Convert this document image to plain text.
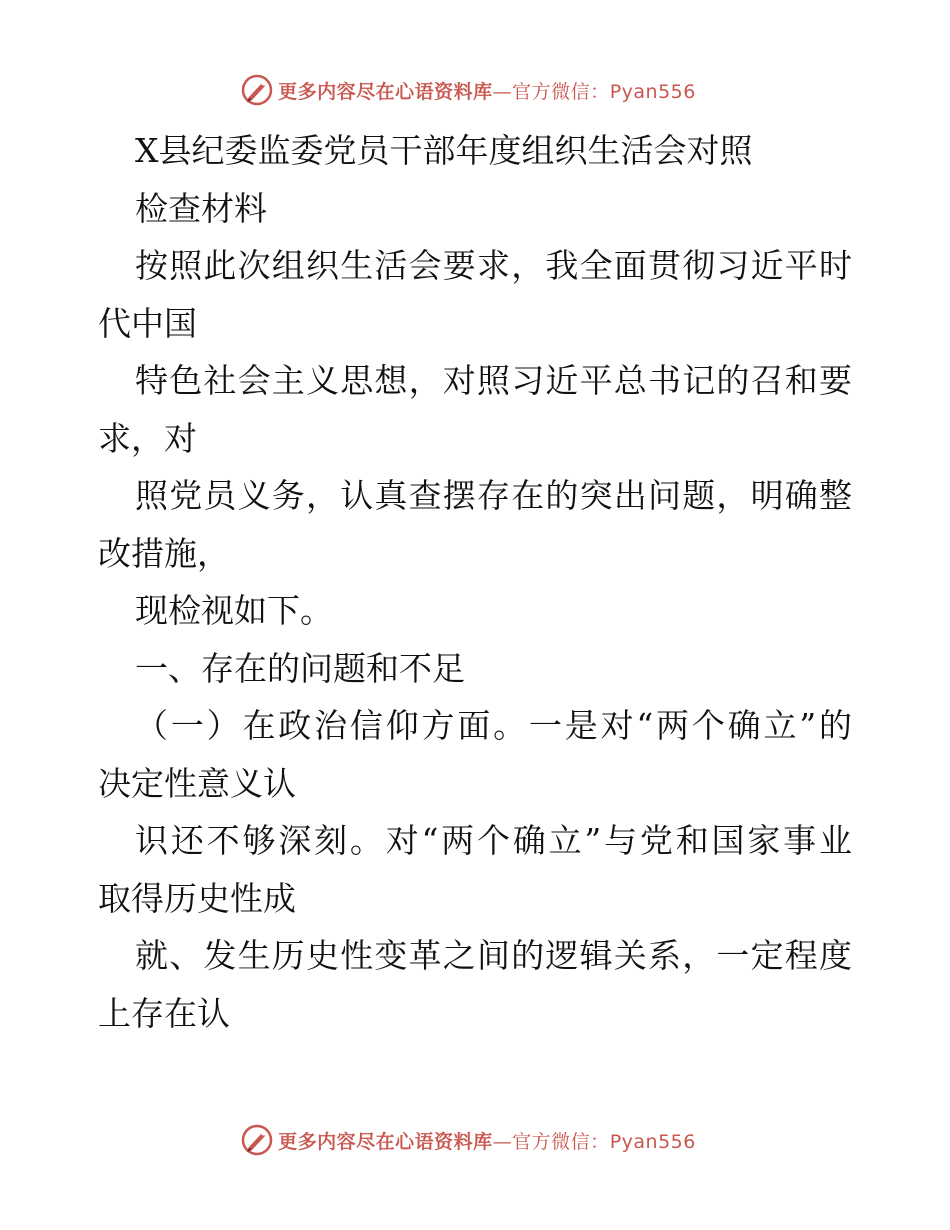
更多内容尽在心语资料库—官方微信：Pyan556
X县纪委监委党员干部年度组织生活会对照
检查材料
按照此次组织生活会要求，我全面贯彻习近平时
代中国
特色社会主义思想，对照习近平总书记的召和要
求，对
照党员义务，认真查摆存在的突出问题，明确整
改措施，
现检视如下。
一、存在的问题和不足
（一）在政治信仰方面。一是对“两个确立”的
决定性意义认
识还不够深刻。对“两个确立”与党和国家事业
取得历史性成
就、发生历史性变革之间的逻辑关系，一定程度
上存在认
更多内容尽在心语资料库—官方微信：Pyan556
